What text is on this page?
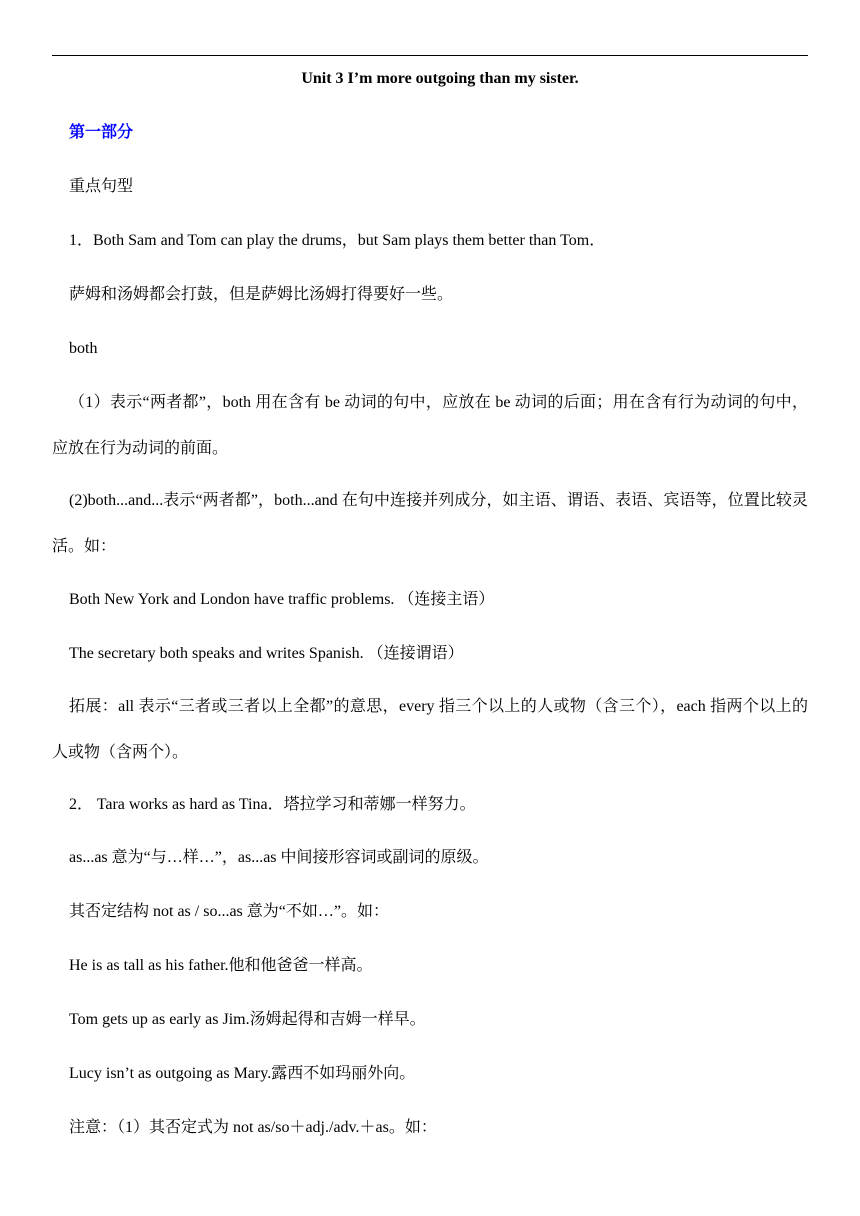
Unit 3 I’m more outgoing than my sister.
第一部分
重点句型
1．Both Sam and Tom can play the drums，but Sam plays them better than Tom．
萨姆和汤姆都会打鼓，但是萨姆比汤姆打得要好一些。
both
（1）表示“两者都”，both 用在含有 be 动词的句中，应放在 be 动词的后面；用在含有行为动词的句中，应放在行为动词的前面。
(2)both...and...表示“两者都”，both...and 在句中连接并列成分，如主语、谓语、表语、宾语等，位置比较灵活。如：
Both New York and London have traffic problems. （连接主语）
The secretary both speaks and writes Spanish. （连接谓语）
拓展：all 表示“三者或三者以上全都”的意思，every 指三个以上的人或物（含三个），each 指两个以上的人或物（含两个）。
2． Tara works as hard as Tina．塔拉学习和蒂娜一样努力。
as...as 意为“与…样…”，as...as 中间接形容词或副词的原级。
其否定结构 not as / so...as 意为“不如…”。如：
He is as tall as his father.他和他爸爸一样高。
Tom gets up as early as Jim.汤姆起得和吉姆一样早。
Lucy isn’t as outgoing as Mary.露西不如玛丽外向。
注意：（1）其否定式为 not as/so＋adj./adv.＋as。如：
